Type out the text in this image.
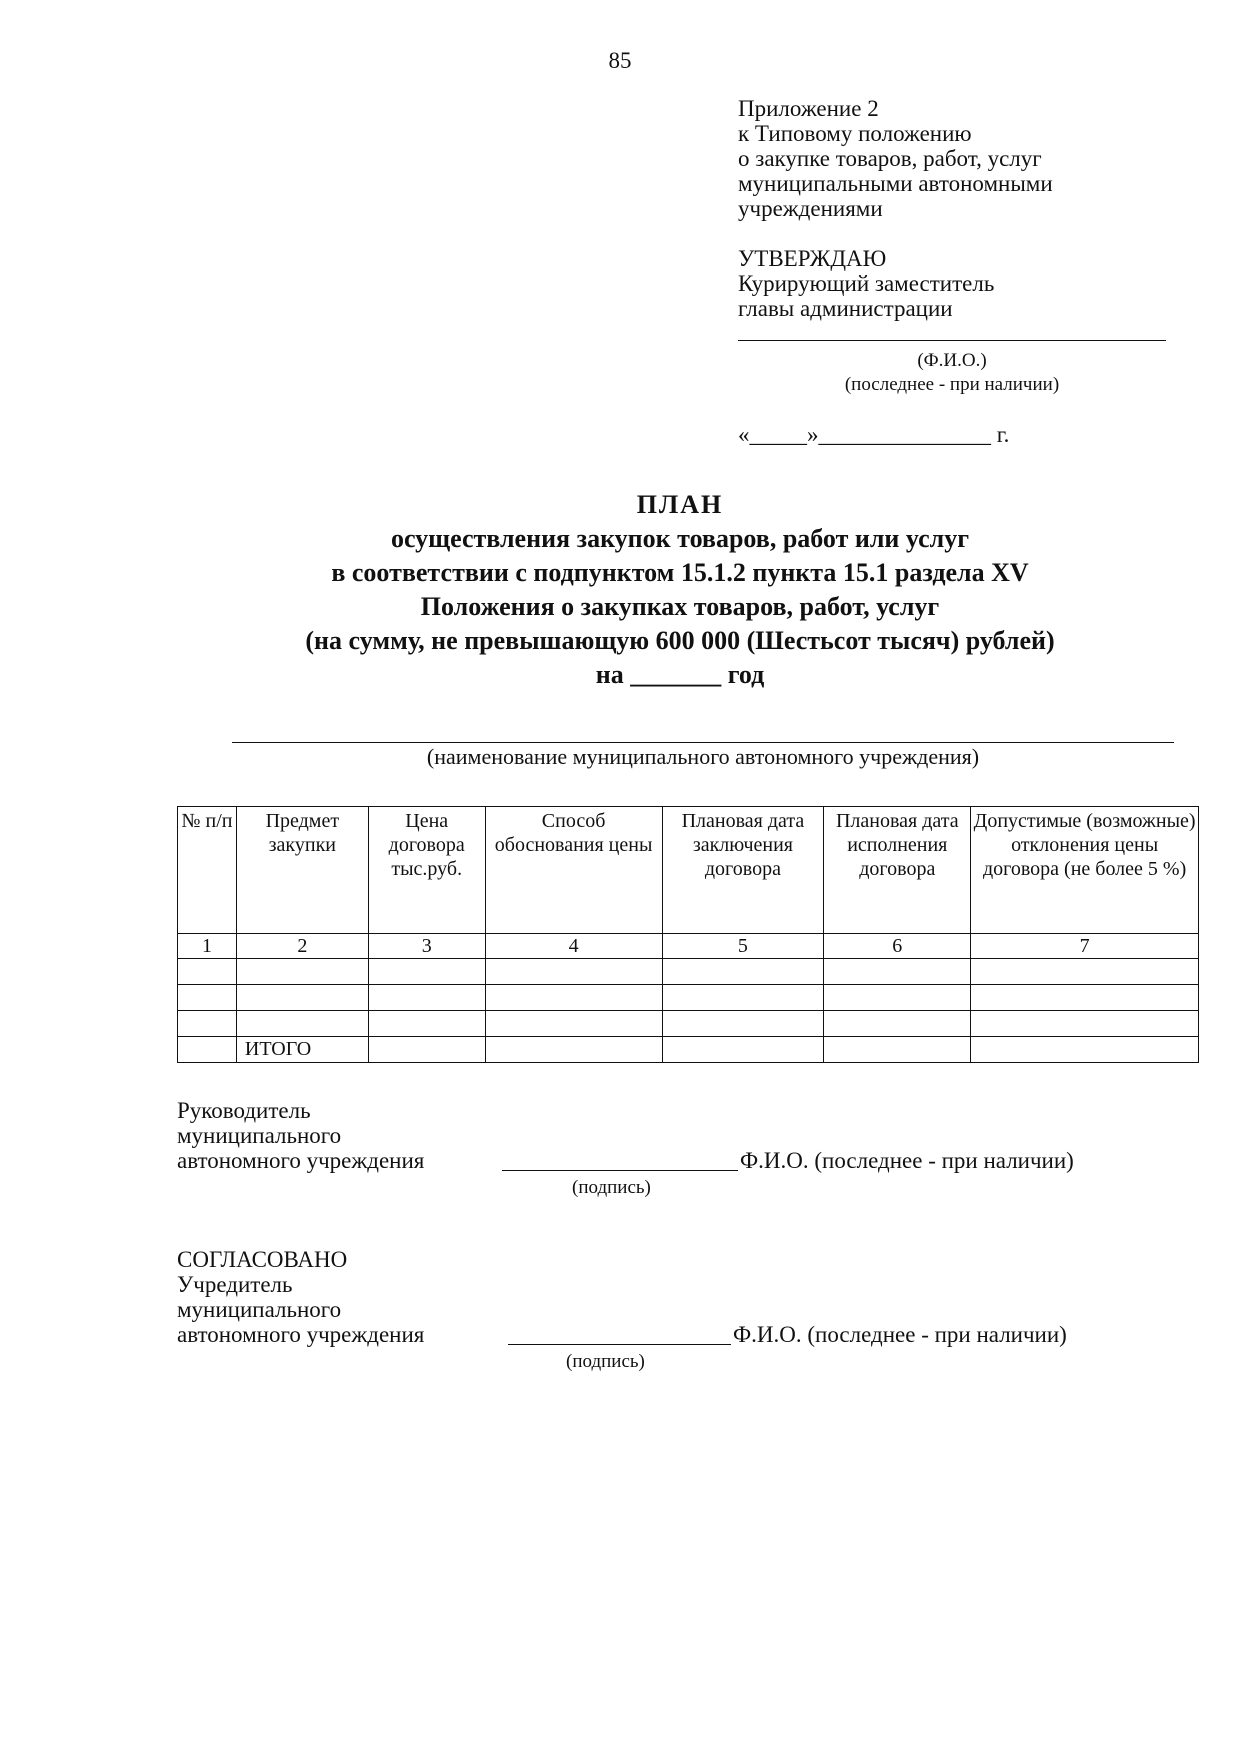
85
Приложение 2
к Типовому положению
о закупке товаров, работ, услуг
муниципальными автономными
учреждениями
УТВЕРЖДАЮ
Курирующий заместитель
главы администрации
(Ф.И.О.)
(последнее - при наличии)
«_____»_______________ г.
ПЛАН
осуществления закупок товаров, работ или услуг
в соответствии с подпунктом 15.1.2 пункта 15.1 раздела XV
Положения о закупках товаров, работ, услуг
(на сумму, не превышающую 600 000 (Шестьсот тысяч) рублей)
на _______ год
(наименование муниципального автономного учреждения)
№ п/п	Предмет закупки	Цена договора тыс.руб.	Способ обоснования цены	Плановая дата заключения договора	Плановая дата исполнения договора	Допустимые (возможные) отклонения цены договора (не более 5 %)
1	2	3	4	5	6	7

	ИТОГО					
Руководитель
муниципального
автономного учреждения	Ф.И.О. (последнее - при наличии)
(подпись)
СОГЛАСОВАНО
Учредитель
муниципального
автономного учреждения	Ф.И.О. (последнее - при наличии)
(подпись)
